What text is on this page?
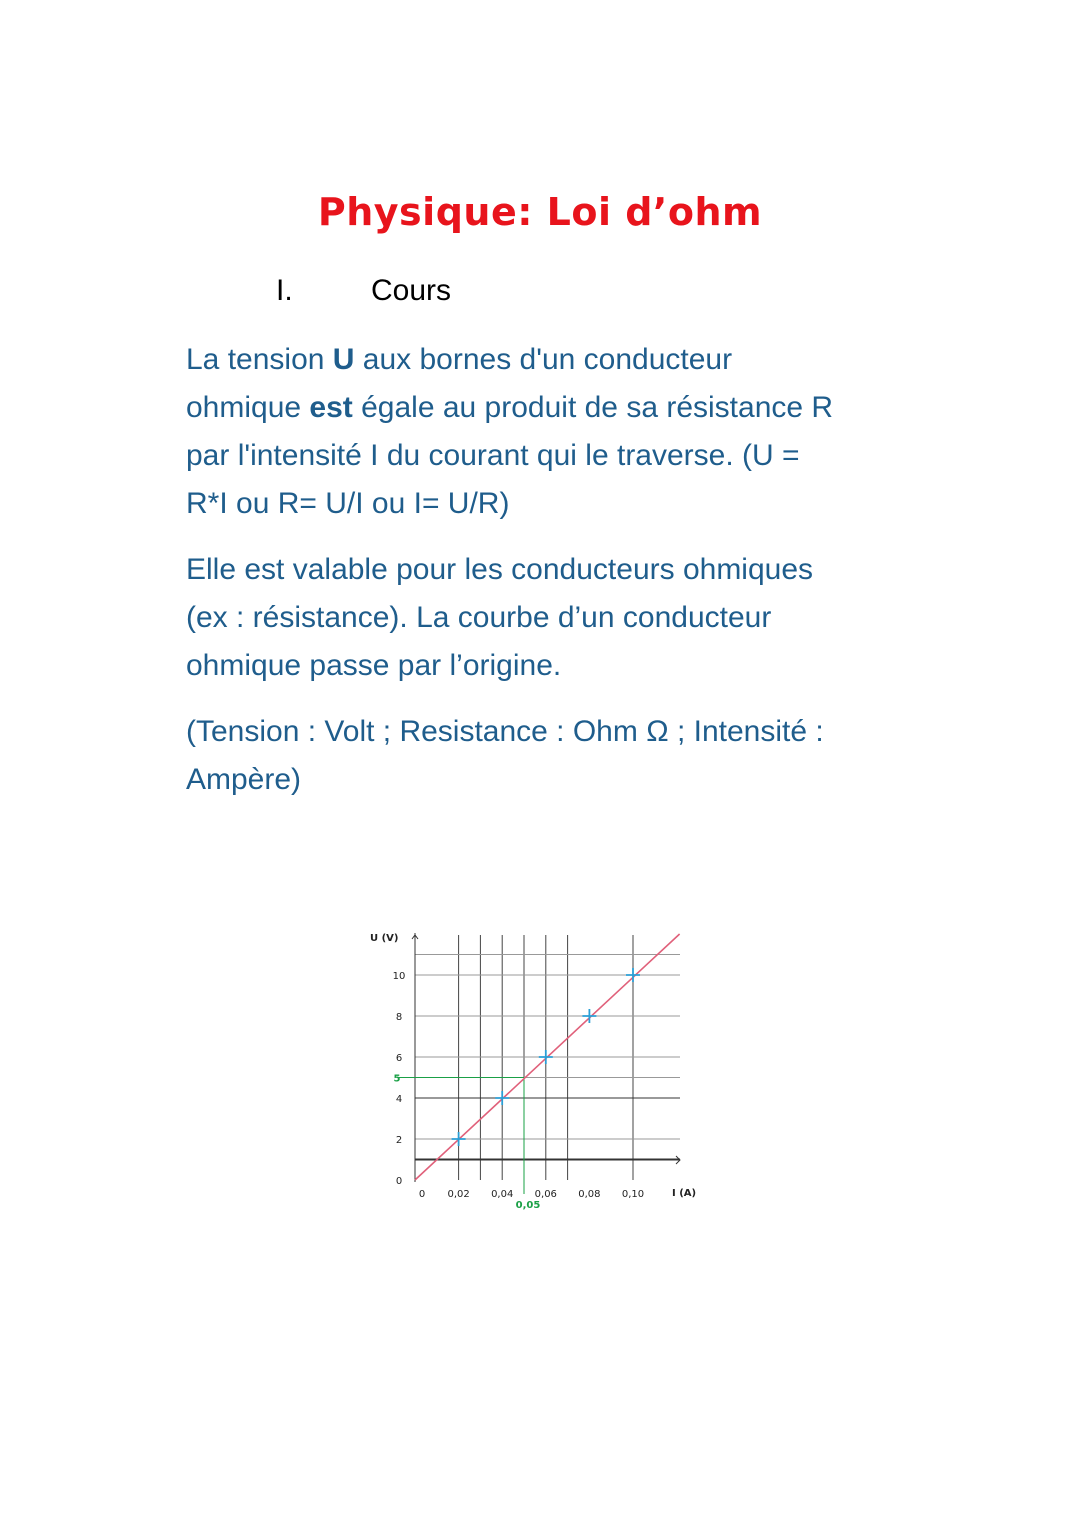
Physique: Loi d’ohm
I.	Cours
La tension U aux bornes d'un conducteur
ohmique est égale au produit de sa résistance R
par l'intensité I du courant qui le traverse. (U =
R*I ou R= U/I ou I= U/R)
Elle est valable pour les conducteurs ohmiques
(ex : résistance). La courbe d’un conducteur
ohmique passe par l’origine.
(Tension : Volt ; Resistance : Ohm Ω ; Intensité :
Ampère)
0
2
4
6
8
10
0 0,02 0,04 0,06 0,08 0,10
5
0,05
U (V)
I (A)
